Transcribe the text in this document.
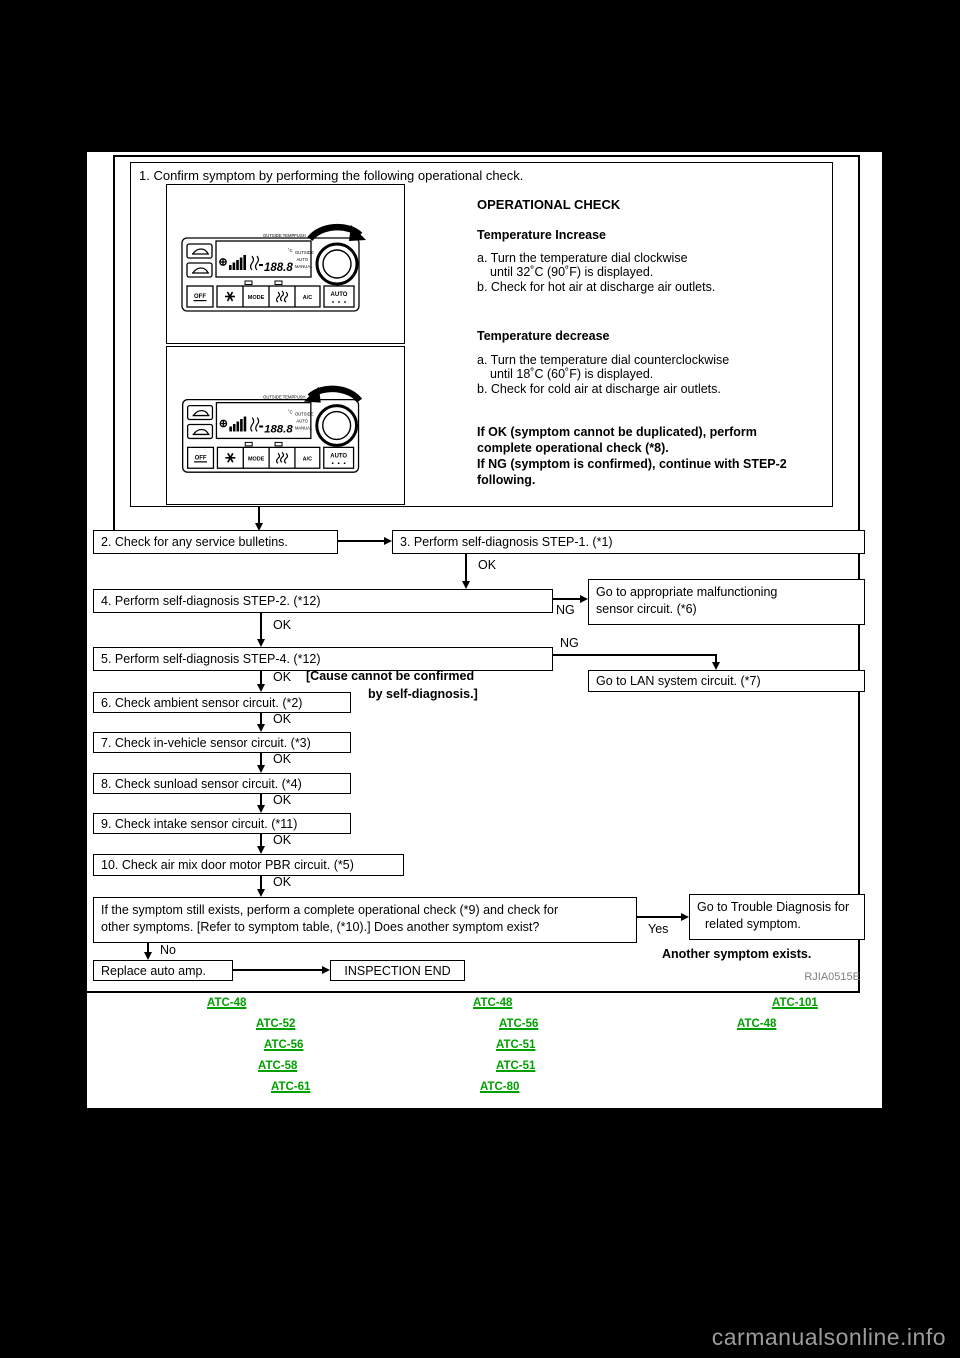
1. Confirm symptom by performing the following operational check.
188.8
˚C OUTSIDE
AUTO
MANUAL
OUTSIDE TEMP PUSH
OFF	MODE	A/C	AUTO
188.8
˚C OUTSIDE
AUTO
MANUAL
OUTSIDE TEMP PUSH
OFF	MODE	A/C	AUTO
OPERATIONAL CHECK
Temperature Increase
a. Turn the temperature dial clockwise
until 32˚C (90˚F) is displayed.
b. Check for hot air at discharge air outlets.
Temperature decrease
a. Turn the temperature dial counterclockwise
until 18˚C (60˚F) is displayed.
b. Check for cold air at discharge air outlets.
If OK (symptom cannot be duplicated), perform
complete operational check (*8).
If NG (symptom is confirmed), continue with STEP-2
following.
2. Check for any service bulletins.	3. Perform self-diagnosis STEP-1. (*1)
OK
4. Perform self-diagnosis STEP-2. (*12)
NG
Go to appropriate malfunctioning
sensor circuit. (*6)
OK
5. Perform self-diagnosis STEP-4. (*12)
NG
Go to LAN system circuit. (*7)
OK [Cause cannot be confirmed
by self-diagnosis.]
6. Check ambient sensor circuit. (*2)
OK
7. Check in-vehicle sensor circuit. (*3)
OK
8. Check sunload sensor circuit. (*4)
OK
9. Check intake sensor circuit. (*11)
OK
10. Check air mix door motor PBR circuit. (*5)
OK
If the symptom still exists, perform a complete operational check (*9) and check for
other symptoms. [Refer to symptom table, (*10).] Does another symptom exist?	Yes
Go to Trouble Diagnosis for
related symptom.
No
Replace auto amp.	INSPECTION END
Another symptom exists.
RJIA0515E
ATC-48	ATC-48	ATC-101
ATC-52	ATC-56	ATC-48
ATC-56	ATC-51
ATC-58	ATC-51
ATC-61	ATC-80
carmanualsonline.info
